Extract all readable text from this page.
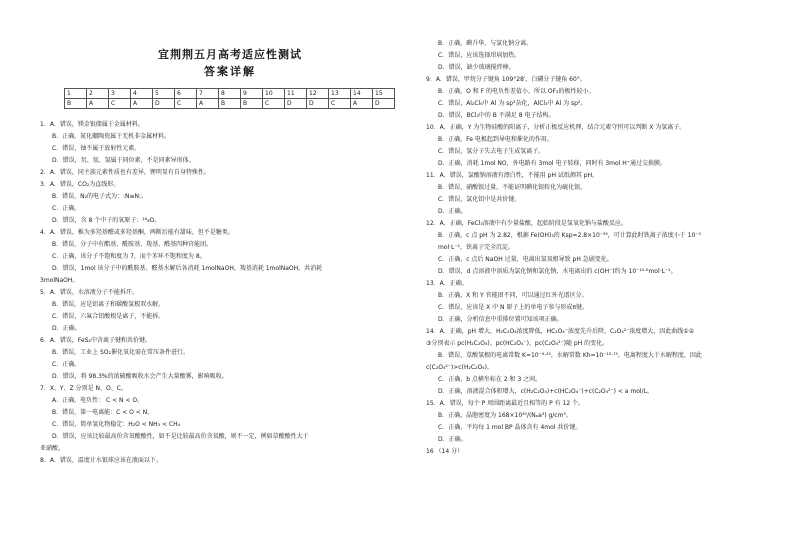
宜荆荆五月高考适应性测试
答案详解
1	2	3	4	5	6	7	8	9	10	11	12	13	14	15
B	A	C	A	D	C	A	B	B	C	D	D	C	A	D
1．A．错误，镁金银储属于金属材料。
B．正确，氮化硼陶瓷属于无机非金属材料。
C．错误，铀不属于放射性元素。
D．错误，氘、氚、氢属于同位素，不是同素异形体。
2．A．错误，同主族元素性质也有差异，锂明显有自身特殊性。
3．A．错误，CO₂为直线形。
B．错误，N₂的电子式为：:N≡N:。
C．正确。
D．错误，含 8 个中子的氧原子：¹⁶₈O。
4．A．错误，椎为多羟基醛或多羟基酮，两断后能有甜味，但不是糖类。
B．错误，分子中有酯基、酰胺基、羧基、醛基四种官能团。
C．正确，该分子不饱和度为 7，而个苯环不饱和度为 8。
D．错误，1mol 该分子中的酰胺基、醛基水解后各消耗 1molNaOH，羧基消耗 1molNaOH，共消耗
3molNaOH。
5．A．错误，水溶液分子不能拆开。
B．错误，应是铝离子和碳酸氢根双水解。
C．错误，六氟合铝酸根是离子，不能拆。
D．正确。
6．A．错误，FeS₂中含离子键和共价键。
B．错误，工业上 SO₂催化氧化需在常压条件进行。
C．正确。
D．错误，将 98.3%的浓硫酸吸收水会产生大量酸雾，影响吸收。
7．X、Y、Z 分别是 N、O、C。
A．正确，电负性： C < N < O。
B．错误，第一电离能：C < O < N。
C．错误，简单氢化物稳定：H₂O < NH₃ < CH₄
D．错误，应该比较最高价含氧酸酸性，如不是比较最高价含氧酸，则不一定，例如草酸酸性大于
亚硝酸。
8．A．错误，温度计水银球应该在液面以下。
B．正确，碘升华，与氯化钠分离。
C．错误，应该选择坩埚加热。
D．错误，缺少玻璃搅拌棒。
9．A．错误，甲烷分子键角 109°28′，白磷分子键角 60°。
B．正确，O 和 F 的电负性差值小，所以 OF₂的极性较小。
C．错误，Al₂Cl₆中 Al 为 sp³杂化，AlCl₃中 Al 为 sp²。
D．错误，BCl₃中的 B 不满足 8 电子结构。
10．A．正确，Y 为生物硅酸的阳离子，分析正极反应机理，结合元素守恒可以判断 X 为氢离子。
B．正确，Fe 电极起到导电和催化的作用。
C．错误，氢分子失去电子生成氢离子。
D．正确，消耗 1mol NO，外电路有 3mol 电子转移，同时有 3mol H⁺通过交换膜。
11．A．错误，氯酸钠溶液有漂白性，不能用 pH 试纸测其 pH。
B．错误，硝酸银过量，不能证明碘化银转化为硫化银。
C．错误，氯化铝中是共价键。
D．正确。
12．A．正确，FeCl₃溶液中有少量盐酸，起始阶段是氢氧化钠与盐酸反应。
B．正确，c 点 pH 为 2.82，根据 Fe(OH)₃的 Ksp=2.8×10⁻³⁹，可计算此时铁离子浓度小于 10⁻⁵
mol·L⁻¹，铁离子完全沉淀。
C．正确，c 点后 NaOH 过量，电离出氢氧根导致 pH 急剧变化。
D．错误，d 点溶液中溶质为氯化钠和氯化钠，水电离出的 c(OH⁻)约为 10⁻¹⁰·⁶mol·L⁻¹。
13．A．正确。
B．正确，X 和 Y 官能团不同，可以通过红外光谱区分。
C．错误，应该是 X 中 N 原子上的单电子参与形成π键。
D．正确，分析信息中重排位置可知该项正确。
14．A．正确，pH 增大，H₂C₂O₄浓度降低，HC₂O₄⁻浓度先升后降，C₂O₄²⁻浓度增大，因此曲线①②
③分别表示 pc(H₂C₂O₄)、pc(HC₂O₄⁻)、pc(C₂O₄²⁻)随 pH 的变化。
B．错误，草酸氢根的电离常数 K=10⁻⁴·²⁵，水解常数 Kh=10⁻¹²·⁷⁵，电离程度大于水解程度，因此
c(C₂O₄²⁻)>c(H₂C₂O₄)。
C．正确，b 点横坐标在 2 和 3 之间。
D．正确，溶液混合体积增大，c(H₂C₂O₄)+c(HC₂O₄⁻)+c(C₂O₄²⁻) < a mol/L。
15．A．错误，每个 P 周围距离最近且相等的 P 有 12 个。
B．正确，晶胞密度为 168×10³⁰/(Nₐa³) g/cm³。
C．正确，平均每 1 mol BP 晶体含有 4mol 共价键。
D．正确。
16 （14 分）
